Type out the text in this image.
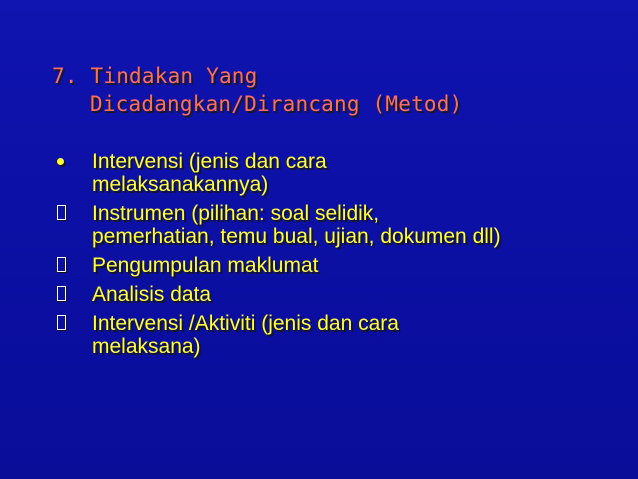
7. Tindakan Yang
Dicadangkan/Dirancang (Metod)
Intervensi (jenis dan cara
melaksanakannya)
Instrumen (pilihan: soal selidik,
pemerhatian, temu bual, ujian, dokumen dll)
Pengumpulan maklumat
Analisis data
Intervensi /Aktiviti (jenis dan cara
melaksana)
